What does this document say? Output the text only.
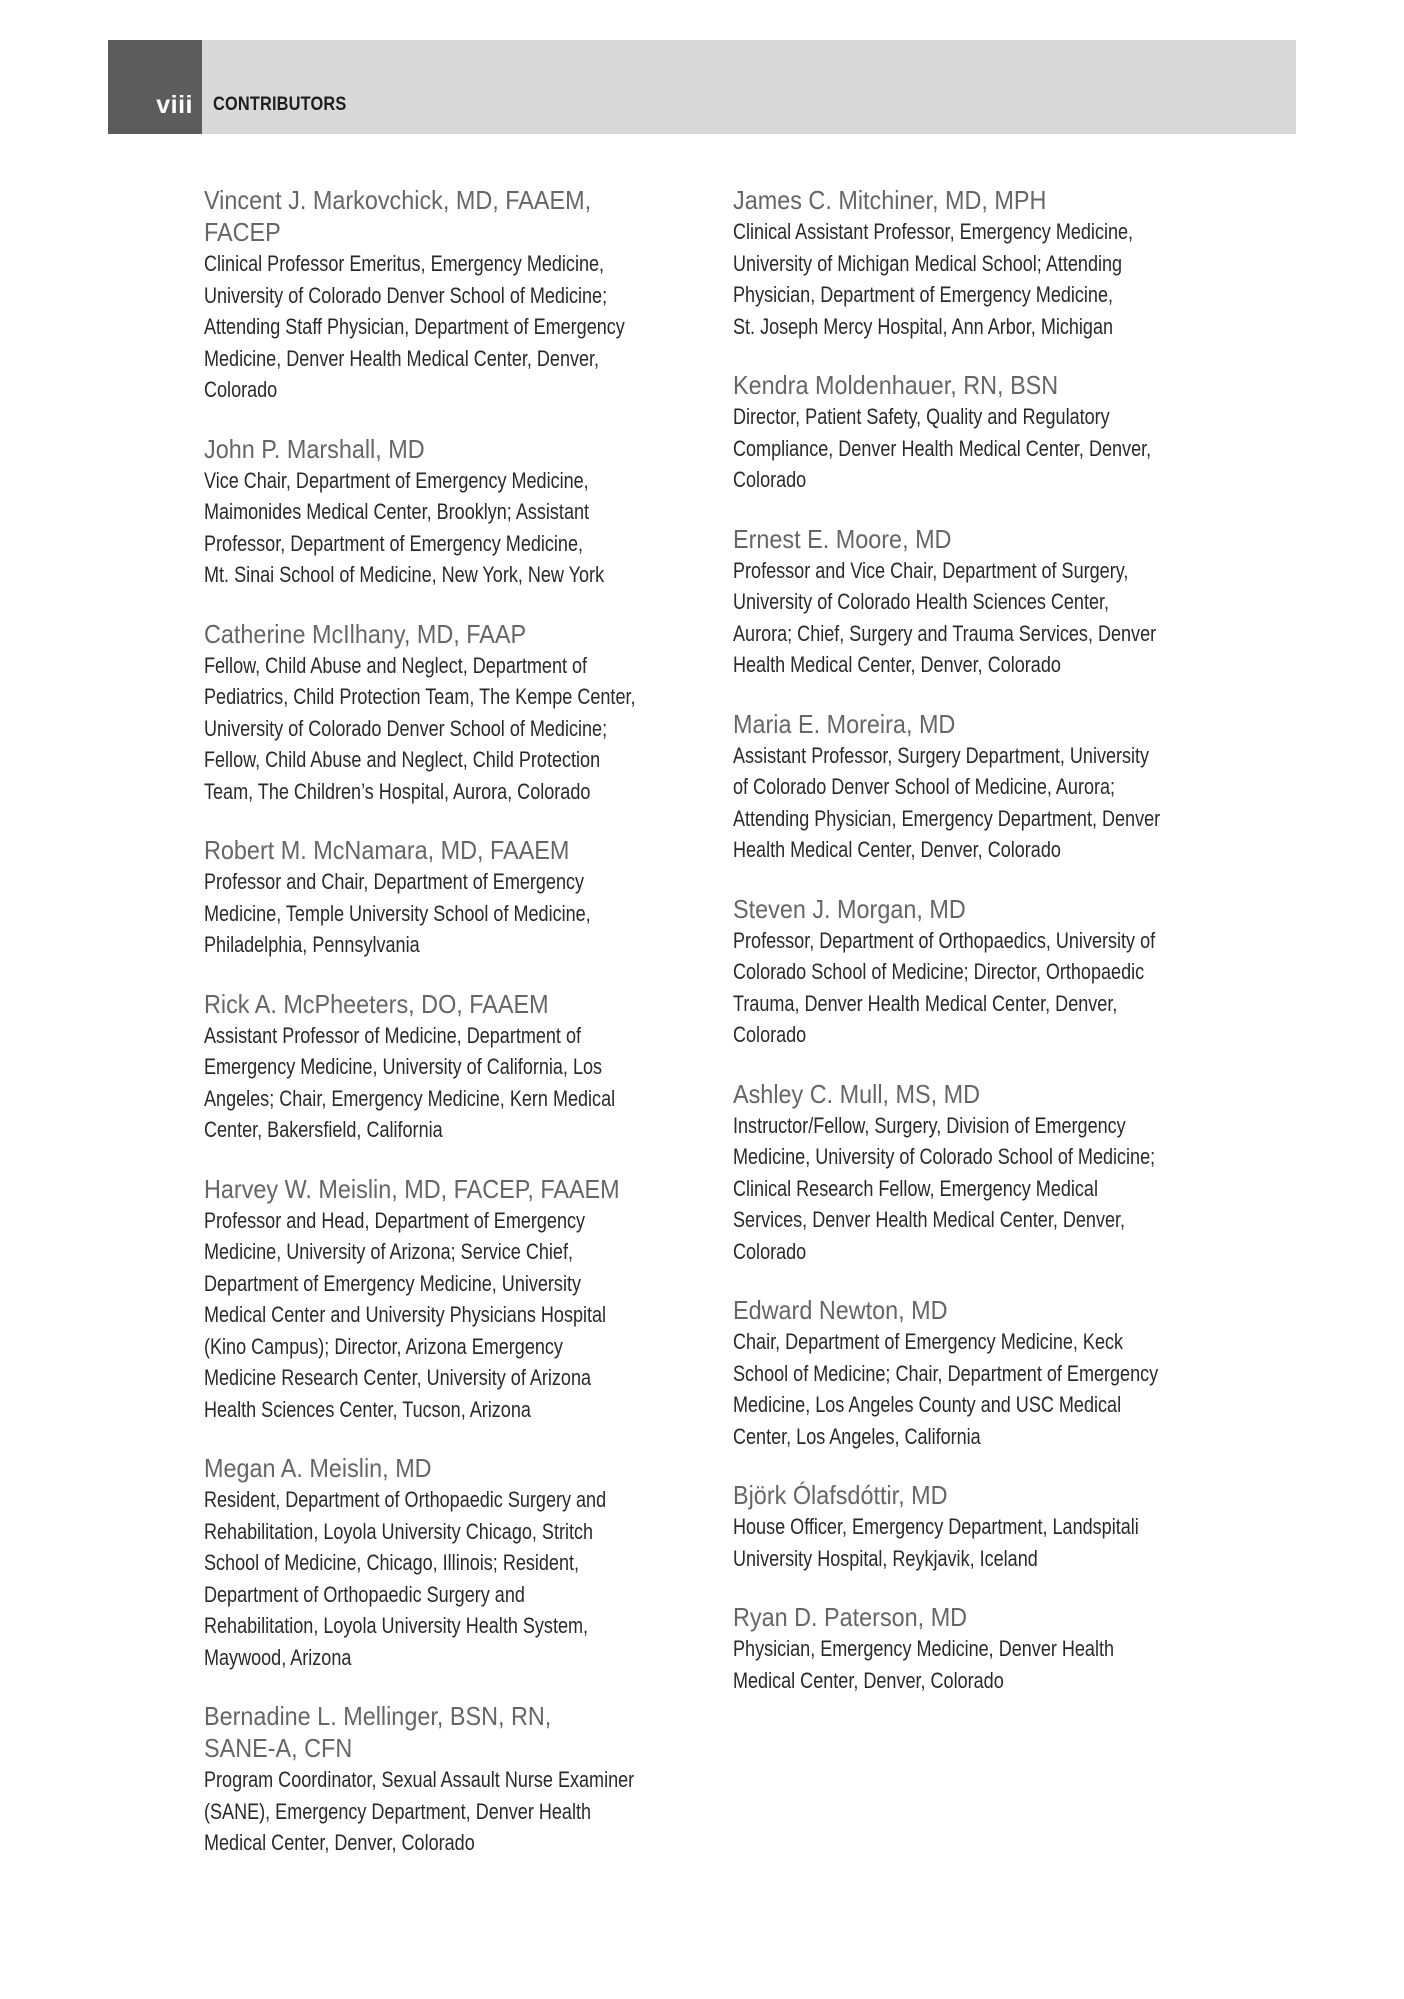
viii	CONTRIBUTORS
Vincent J. Markovchick, MD, FAAEM,
FACEP
Clinical Professor Emeritus, Emergency Medicine,
University of Colorado Denver School of Medicine;
Attending Staff Physician, Department of Emergency
Medicine, Denver Health Medical Center, Denver,
Colorado
John P. Marshall, MD
Vice Chair, Department of Emergency Medicine,
Maimonides Medical Center, Brooklyn; Assistant
Professor, Department of Emergency Medicine,
Mt. Sinai School of Medicine, New York, New York
Catherine McIlhany, MD, FAAP
Fellow, Child Abuse and Neglect, Department of
Pediatrics, Child Protection Team, The Kempe Center,
University of Colorado Denver School of Medicine;
Fellow, Child Abuse and Neglect, Child Protection
Team, The Children’s Hospital, Aurora, Colorado
Robert M. McNamara, MD, FAAEM
Professor and Chair, Department of Emergency
Medicine, Temple University School of Medicine,
Philadelphia, Pennsylvania
Rick A. McPheeters, DO, FAAEM
Assistant Professor of Medicine, Department of
Emergency Medicine, University of California, Los
Angeles; Chair, Emergency Medicine, Kern Medical
Center, Bakersfield, California
Harvey W. Meislin, MD, FACEP, FAAEM
Professor and Head, Department of Emergency
Medicine, University of Arizona; Service Chief,
Department of Emergency Medicine, University
Medical Center and University Physicians Hospital
(Kino Campus); Director, Arizona Emergency
Medicine Research Center, University of Arizona
Health Sciences Center, Tucson, Arizona
Megan A. Meislin, MD
Resident, Department of Orthopaedic Surgery and
Rehabilitation, Loyola University Chicago, Stritch
School of Medicine, Chicago, Illinois; Resident,
Department of Orthopaedic Surgery and
Rehabilitation, Loyola University Health System,
Maywood, Arizona
Bernadine L. Mellinger, BSN, RN,
SANE-A, CFN
Program Coordinator, Sexual Assault Nurse Examiner
(SANE), Emergency Department, Denver Health
Medical Center, Denver, Colorado
James C. Mitchiner, MD, MPH
Clinical Assistant Professor, Emergency Medicine,
University of Michigan Medical School; Attending
Physician, Department of Emergency Medicine,
St. Joseph Mercy Hospital, Ann Arbor, Michigan
Kendra Moldenhauer, RN, BSN
Director, Patient Safety, Quality and Regulatory
Compliance, Denver Health Medical Center, Denver,
Colorado
Ernest E. Moore, MD
Professor and Vice Chair, Department of Surgery,
University of Colorado Health Sciences Center,
Aurora; Chief, Surgery and Trauma Services, Denver
Health Medical Center, Denver, Colorado
Maria E. Moreira, MD
Assistant Professor, Surgery Department, University
of Colorado Denver School of Medicine, Aurora;
Attending Physician, Emergency Department, Denver
Health Medical Center, Denver, Colorado
Steven J. Morgan, MD
Professor, Department of Orthopaedics, University of
Colorado School of Medicine; Director, Orthopaedic
Trauma, Denver Health Medical Center, Denver,
Colorado
Ashley C. Mull, MS, MD
Instructor/Fellow, Surgery, Division of Emergency
Medicine, University of Colorado School of Medicine;
Clinical Research Fellow, Emergency Medical
Services, Denver Health Medical Center, Denver,
Colorado
Edward Newton, MD
Chair, Department of Emergency Medicine, Keck
School of Medicine; Chair, Department of Emergency
Medicine, Los Angeles County and USC Medical
Center, Los Angeles, California
Björk Ólafsdóttir, MD
House Officer, Emergency Department, Landspitali
University Hospital, Reykjavik, Iceland
Ryan D. Paterson, MD
Physician, Emergency Medicine, Denver Health
Medical Center, Denver, Colorado
